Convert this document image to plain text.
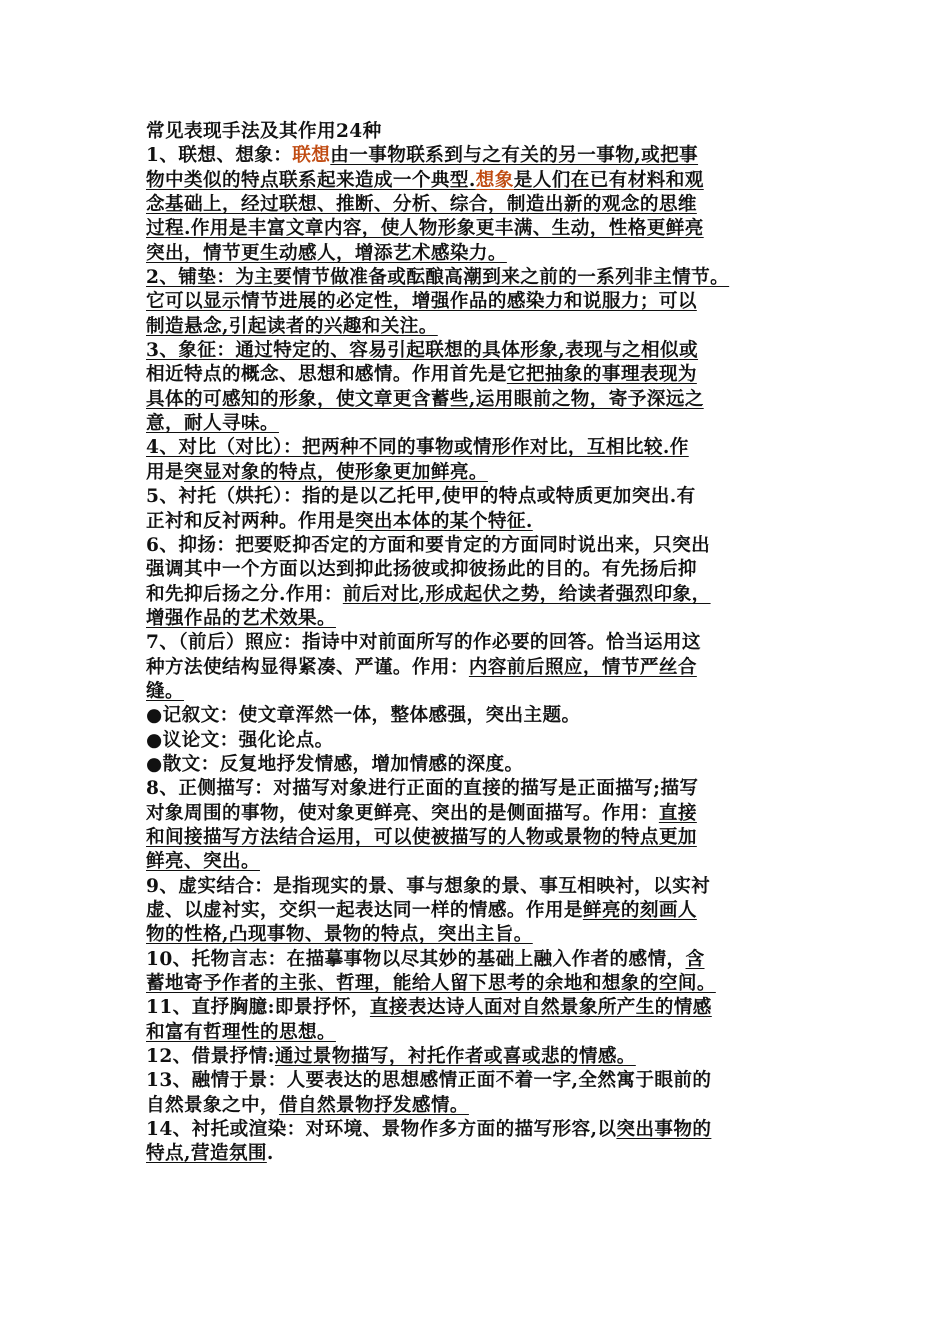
常见表现手法及其作用24种
1、联想、想象：联想由一事物联系到与之有关的另一事物,或把事
物中类似的特点联系起来造成一个典型.想象是人们在已有材料和观
念基础上，经过联想、推断、分析、综合，制造出新的观念的思维
过程.作用是丰富文章内容，使人物形象更丰满、生动，性格更鲜亮
突出，情节更生动感人，增添艺术感染力。
2、铺垫：为主要情节做准备或酝酿高潮到来之前的一系列非主情节。
它可以显示情节进展的必定性，增强作品的感染力和说服力；可以
制造悬念,引起读者的兴趣和关注。
3、象征：通过特定的、容易引起联想的具体形象,表现与之相似或
相近特点的概念、思想和感情。作用首先是它把抽象的事理表现为
具体的可感知的形象，使文章更含蓄些,运用眼前之物，寄予深远之
意，耐人寻味。
4、对比（对比）：把两种不同的事物或情形作对比，互相比较.作
用是突显对象的特点，使形象更加鲜亮。
5、衬托（烘托）：指的是以乙托甲,使甲的特点或特质更加突出.有
正衬和反衬两种。作用是突出本体的某个特征.
6、抑扬：把要贬抑否定的方面和要肯定的方面同时说出来，只突出
强调其中一个方面以达到抑此扬彼或抑彼扬此的目的。有先扬后抑
和先抑后扬之分.作用：前后对比,形成起伏之势，给读者强烈印象，
增强作品的艺术效果。
7、（前后）照应：指诗中对前面所写的作必要的回答。恰当运用这
种方法使结构显得紧凑、严谨。作用：内容前后照应，情节严丝合
缝。
●记叙文：使文章浑然一体，整体感强，突出主题。
●议论文：强化论点。
●散文：反复地抒发情感，增加情感的深度。
8、正侧描写：对描写对象进行正面的直接的描写是正面描写;描写
对象周围的事物，使对象更鲜亮、突出的是侧面描写。作用：直接
和间接描写方法结合运用，可以使被描写的人物或景物的特点更加
鲜亮、突出。
9、虚实结合：是指现实的景、事与想象的景、事互相映衬，以实衬
虚、以虚衬实，交织一起表达同一样的情感。作用是鲜亮的刻画人
物的性格,凸现事物、景物的特点，突出主旨。
10、托物言志：在描摹事物以尽其妙的基础上融入作者的感情，含
蓄地寄予作者的主张、哲理，能给人留下思考的余地和想象的空间。
11、直抒胸臆:即景抒怀，直接表达诗人面对自然景象所产生的情感
和富有哲理性的思想。
12、借景抒情:通过景物描写，衬托作者或喜或悲的情感。
13、融情于景：人要表达的思想感情正面不着一字,全然寓于眼前的
自然景象之中，借自然景物抒发感情。
14、衬托或渲染：对环境、景物作多方面的描写形容,以突出事物的
特点,营造氛围.
